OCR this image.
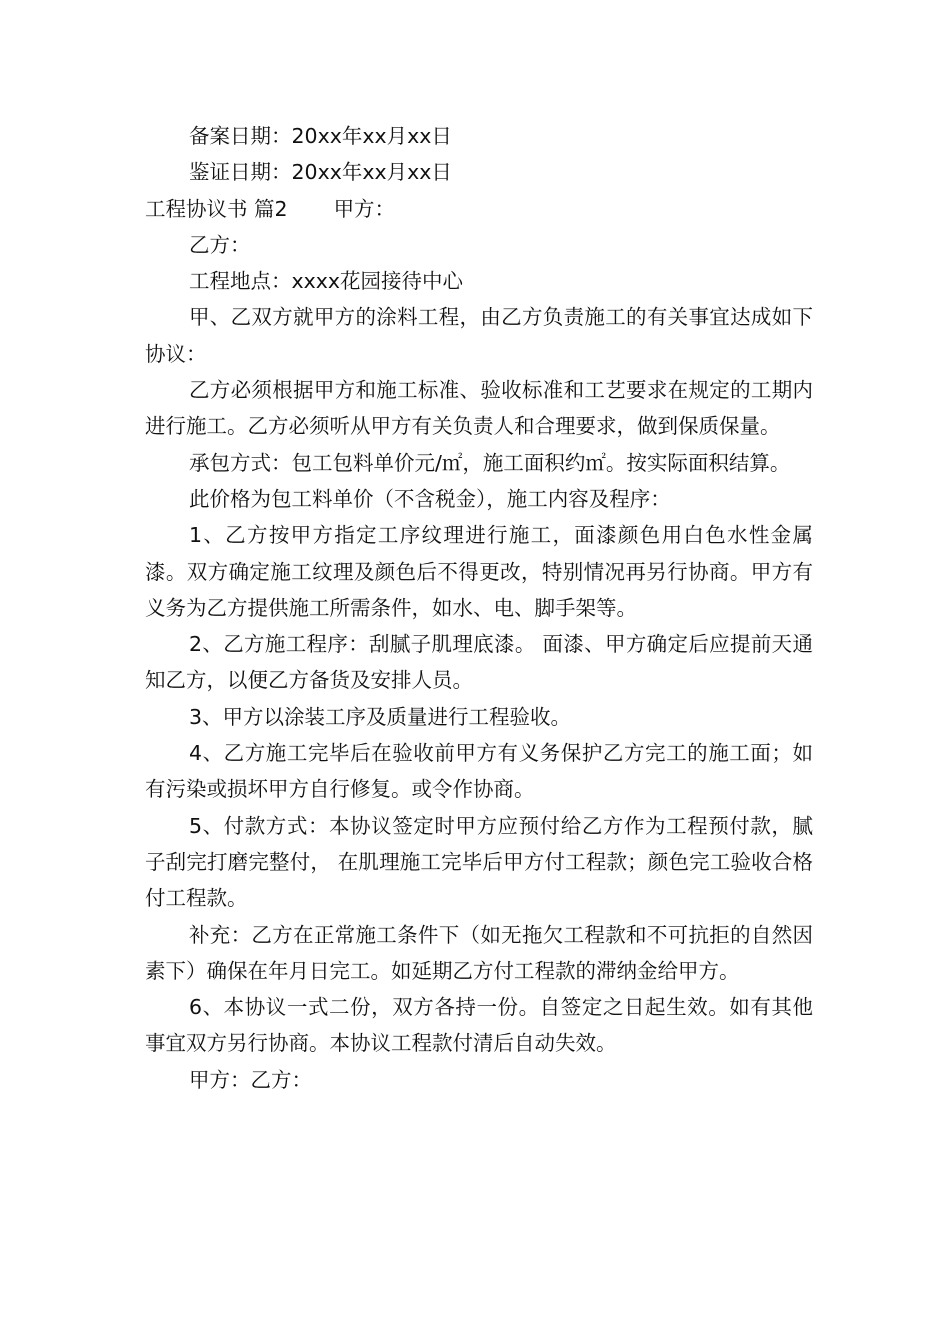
备案日期：20xx年xx月xx日

鉴证日期：20xx年xx月xx日

工程协议书 篇2 甲方：

乙方：

工程地点：xxxx花园接待中心

甲、乙双方就甲方的涂料工程，由乙方负责施工的有关事宜达成如下协议：

乙方必须根据甲方和施工标准、验收标准和工艺要求在规定的工期内进行施工。乙方必须听从甲方有关负责人和合理要求，做到保质保量。

承包方式：包工包料单价元/㎡，施工面积约㎡。按实际面积结算。

此价格为包工料单价（不含税金），施工内容及程序：

1、乙方按甲方指定工序纹理进行施工，面漆颜色用白色水性金属漆。双方确定施工纹理及颜色后不得更改，特别情况再另行协商。甲方有义务为乙方提供施工所需条件，如水、电、脚手架等。

2、乙方施工程序：刮腻子肌理底漆。 面漆、甲方确定后应提前天通知乙方，以便乙方备货及安排人员。

3、甲方以涂装工序及质量进行工程验收。

4、乙方施工完毕后在验收前甲方有义务保护乙方完工的施工面；如有污染或损坏甲方自行修复。或令作协商。

5、付款方式：本协议签定时甲方应预付给乙方作为工程预付款，腻子刮完打磨完整付， 在肌理施工完毕后甲方付工程款；颜色完工验收合格付工程款。

补充：乙方在正常施工条件下（如无拖欠工程款和不可抗拒的自然因素下）确保在年月日完工。如延期乙方付工程款的滞纳金给甲方。

6、本协议一式二份，双方各持一份。自签定之日起生效。如有其他事宜双方另行协商。本协议工程款付清后自动失效。

甲方：乙方：
